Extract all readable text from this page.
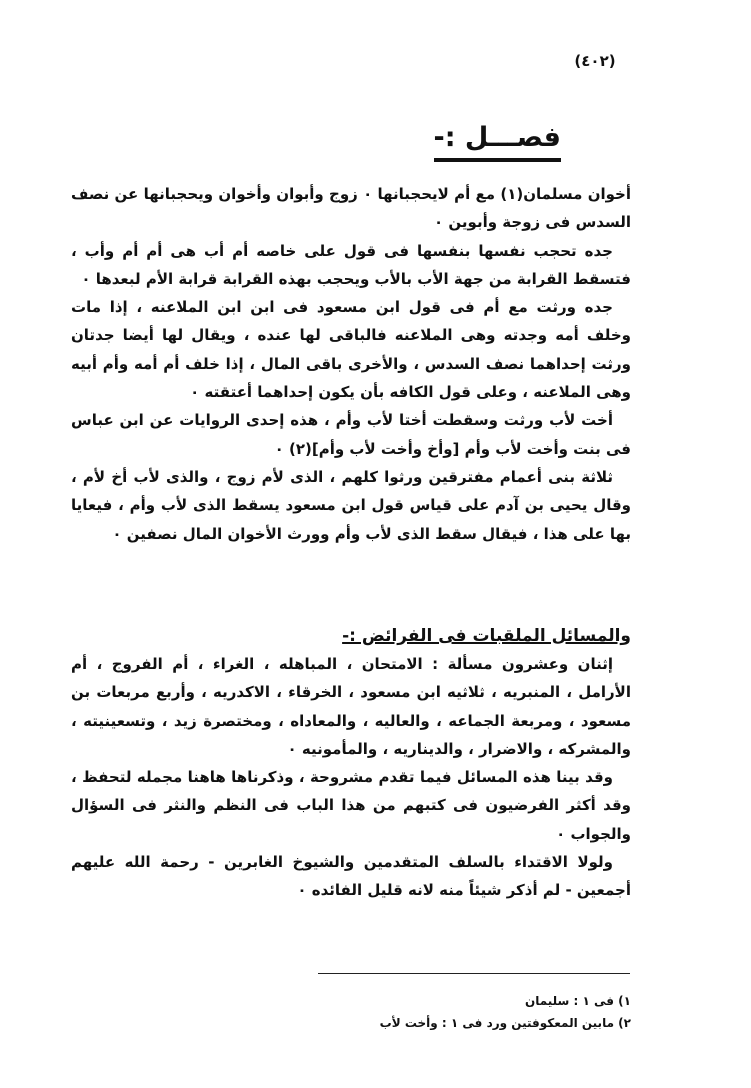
(٤٠٢)
فصـــل :-

أخوان مسلمان(١) مع أم لايحجبانها ٠ زوج وأبوان وأخوان ويحجبانها عن نصف السدس فى زوجة وأبوين ٠

جده تحجب نفسها بنفسها فى قول على خاصه أم أب هى أم أم وأب ، فتسقط القرابة من جهة الأب بالأب ويحجب بهذه القرابة قرابة الأم لبعدها ٠

جده ورثت مع أم فى قول ابن مسعود فى ابن ابن الملاعنه ، إذا مات وخلف أمه وجدته وهى الملاعنه فالباقى لها عنده ، ويقال لها أيضا جدتان ورثت إحداهما نصف السدس ، والأخرى باقى المال ، إذا خلف أم أمه وأم أبيه وهى الملاعنه ، وعلى قول الكافه بأن يكون إحداهما أعتقته ٠

أخت لأب ورثت وسقطت أختا لأب وأم ، هذه إحدى الروايات عن ابن عباس فى بنت وأخت لأب وأم [وأخ وأخت لأب وأم](٢) ٠

ثلاثة بنى أعمام مفترقين ورثوا كلهم ، الذى لأم زوج ، والذى لأب أخ لأم ، وقال يحيى بن آدم على قياس قول ابن مسعود يسقط الذى لأب وأم ، فيعايا بها على هذا ، فيقال سقط الذى لأب وأم وورث الأخوان المال نصفين ٠

والمسائل الملقبات فى الفرائض :-

إثنان وعشرون مسألة : الامتحان ، المباهله ، الغراء ، أم الفروج ، أم الأرامل ، المنبريه ، ثلاثيه ابن مسعود ، الخرقاء ، الاكدريه ، وأربع مربعات بن مسعود ، ومربعة الجماعه ، والعاليه ، والمعاداه ، ومختصرة زيد ، وتسعينيته ، والمشركه ، والاضرار ، والديناريه ، والمأمونيه ٠

وقد بينا هذه المسائل فيما تقدم مشروحة ، وذكرناها هاهنا مجمله لتحفظ ، وقد أكثر الفرضيون فى كتبهم من هذا الباب فى النظم والنثر فى السؤال والجواب ٠

ولولا الاقتداء بالسلف المتقدمين والشيوخ الغابرين - رحمة الله عليهم أجمعين - لم أذكر شيئاً منه لانه قليل الفائده ٠

١) فى ١ : سليمان

٢) مابين المعكوفتين ورد فى ١ : وأخت لأب
